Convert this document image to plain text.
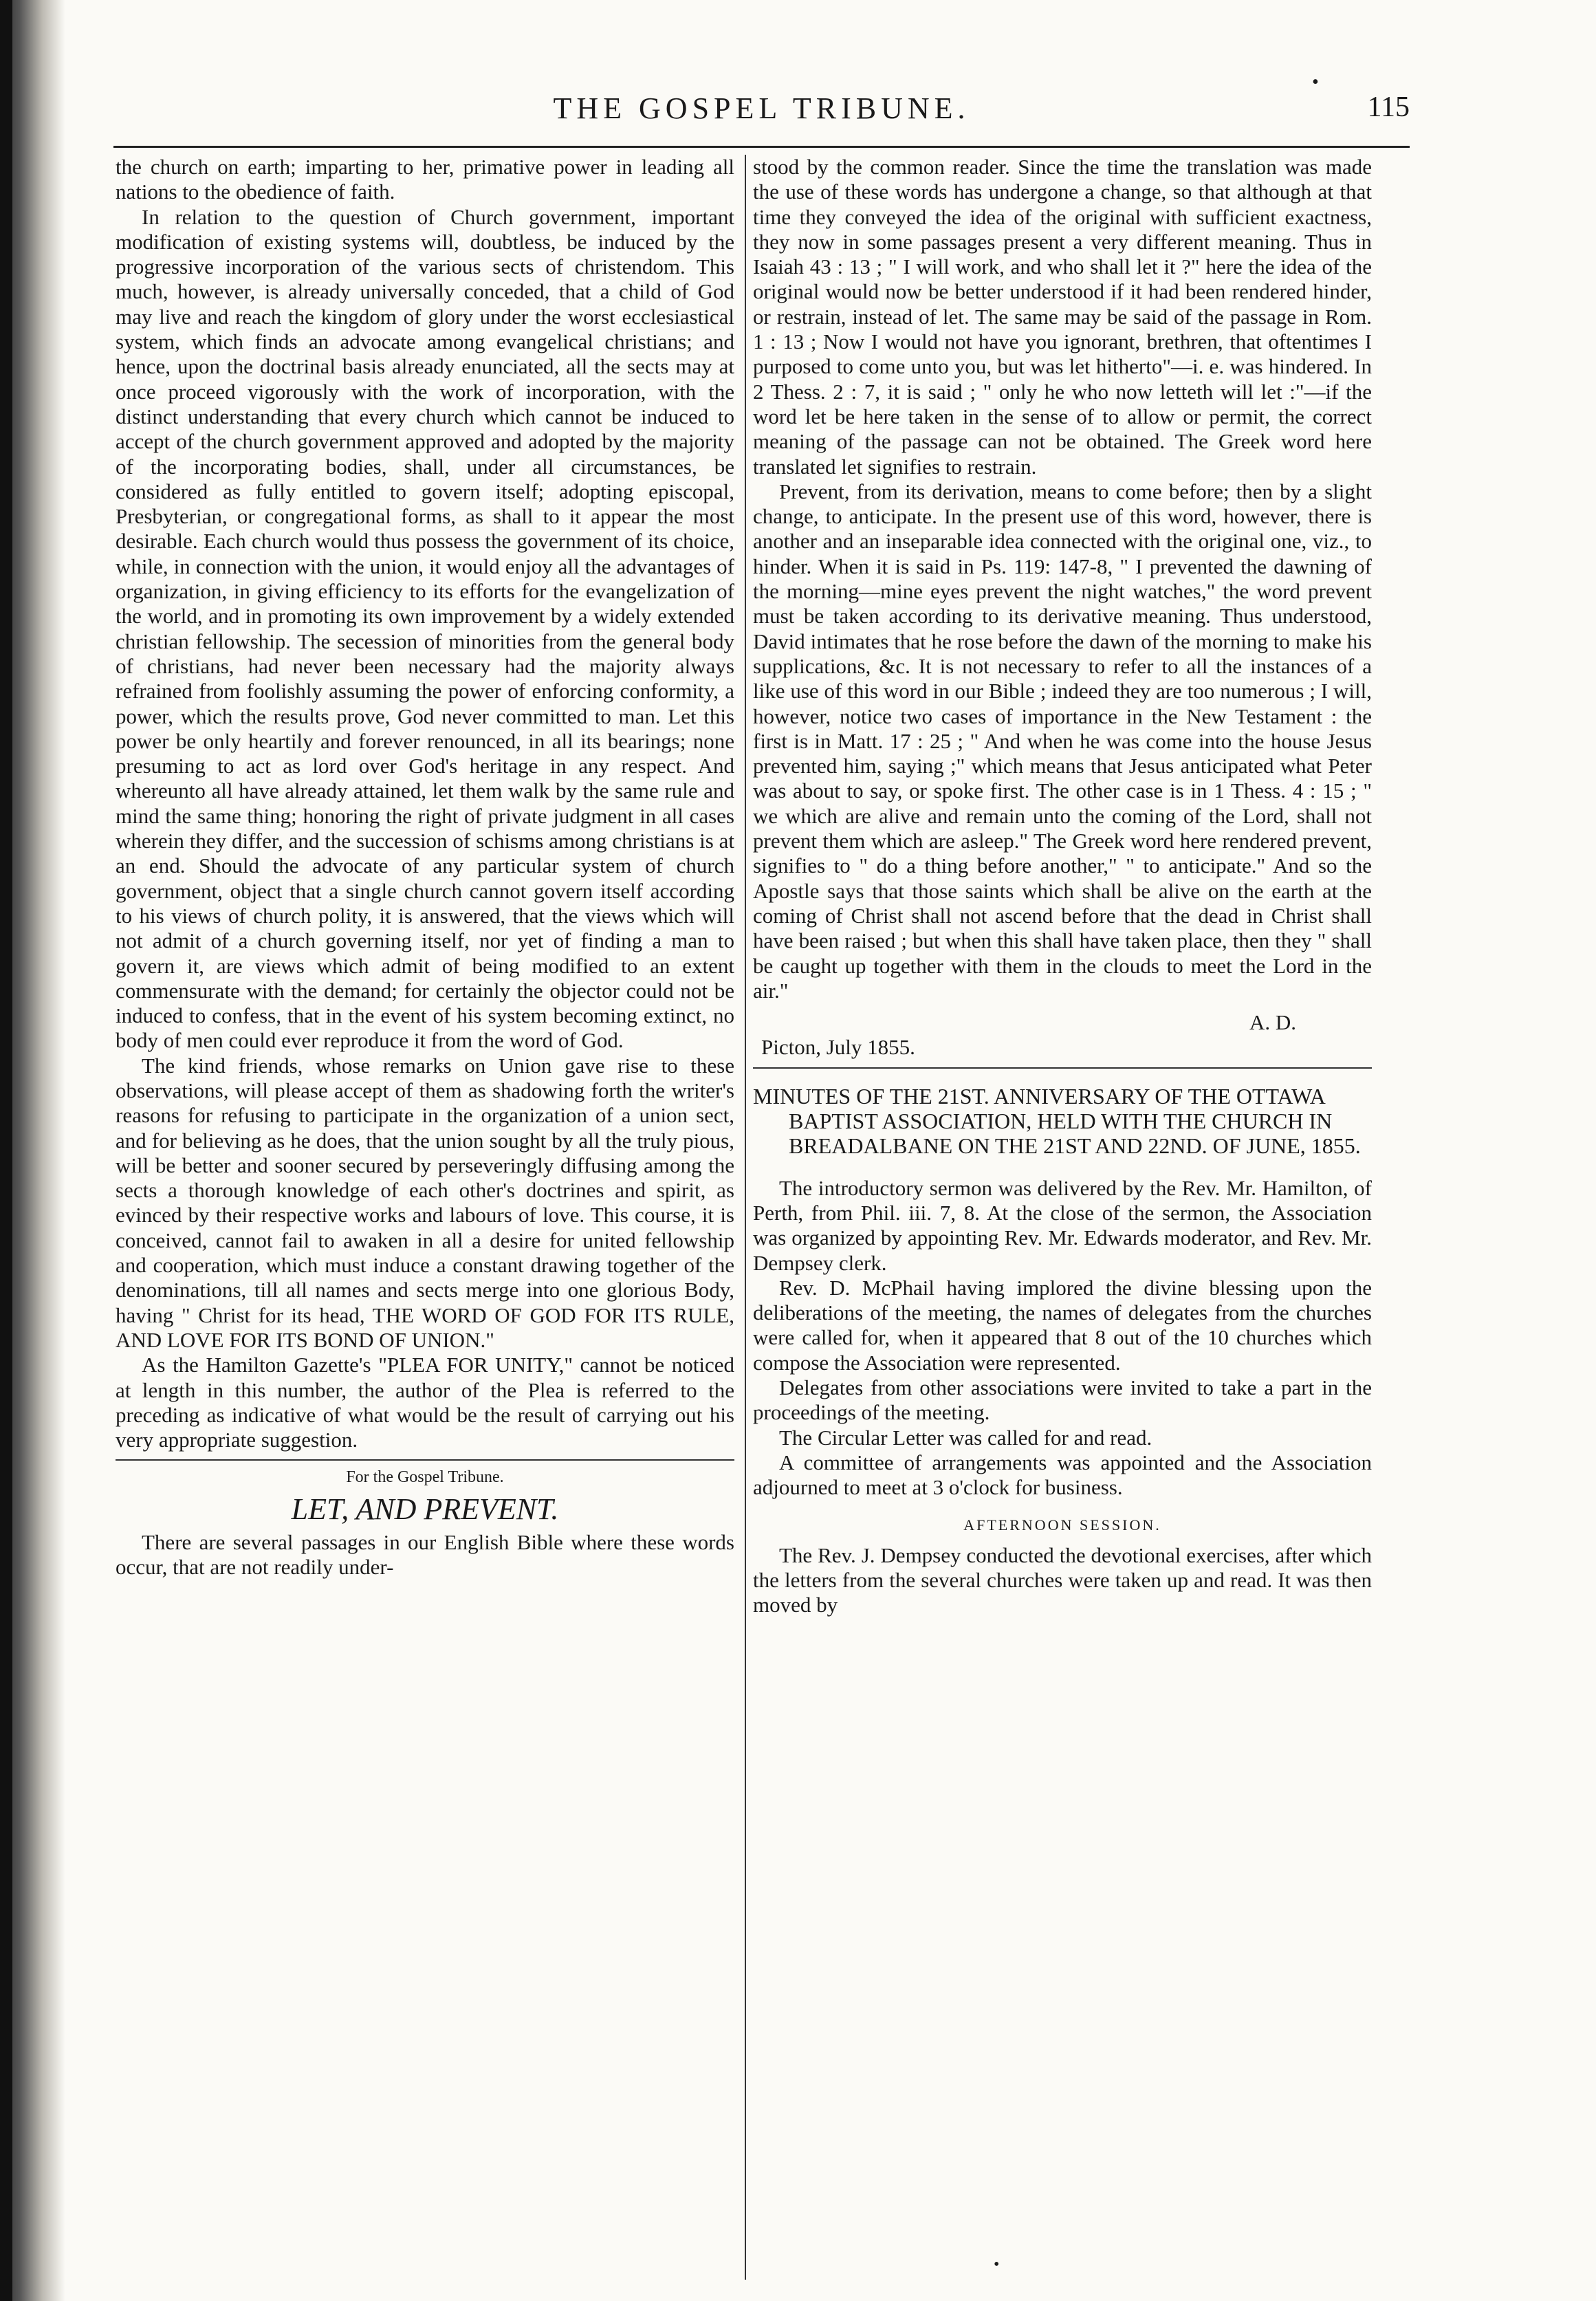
•
THE GOSPEL TRIBUNE.	115

the church on earth; imparting to her, primative power in leading all nations to the obedience of faith.

In relation to the question of Church government, important modification of existing systems will, doubtless, be induced by the progressive incorporation of the various sects of christendom. This much, however, is already universally conceded, that a child of God may live and reach the kingdom of glory under the worst ecclesiastical system, which finds an advocate among evangelical christians; and hence, upon the doctrinal basis already enunciated, all the sects may at once proceed vigorously with the work of incorporation, with the distinct understanding that every church which cannot be induced to accept of the church government approved and adopted by the majority of the incorporating bodies, shall, under all circumstances, be considered as fully entitled to govern itself; adopting episcopal, Presbyterian, or congregational forms, as shall to it appear the most desirable. Each church would thus possess the government of its choice, while, in connection with the union, it would enjoy all the advantages of organization, in giving efficiency to its efforts for the evangelization of the world, and in promoting its own improvement by a widely extended christian fellowship. The secession of minorities from the general body of christians, had never been necessary had the majority always refrained from foolishly assuming the power of enforcing conformity, a power, which the results prove, God never committed to man. Let this power be only heartily and forever renounced, in all its bearings; none presuming to act as lord over God's heritage in any respect. And whereunto all have already attained, let them walk by the same rule and mind the same thing; honoring the right of private judgment in all cases wherein they differ, and the succession of schisms among christians is at an end. Should the advocate of any particular system of church government, object that a single church cannot govern itself according to his views of church polity, it is answered, that the views which will not admit of a church governing itself, nor yet of finding a man to govern it, are views which admit of being modified to an extent commensurate with the demand; for certainly the objector could not be induced to confess, that in the event of his system becoming extinct, no body of men could ever reproduce it from the word of God.

The kind friends, whose remarks on Union gave rise to these observations, will please accept of them as shadowing forth the writer's reasons for refusing to participate in the organization of a union sect, and for believing as he does, that the union sought by all the truly pious, will be better and sooner secured by perseveringly diffusing among the sects a thorough knowledge of each other's doctrines and spirit, as evinced by their respective works and labours of love. This course, it is conceived, cannot fail to awaken in all a desire for united fellowship and cooperation, which must induce a constant drawing together of the denominations, till all names and sects merge into one glorious Body, having " Christ for its head, THE WORD OF GOD FOR ITS RULE, AND LOVE FOR ITS BOND OF UNION."

As the Hamilton Gazette's "PLEA FOR UNITY," cannot be noticed at length in this number, the author of the Plea is referred to the preceding as indicative of what would be the result of carrying out his very appropriate suggestion.

For the Gospel Tribune.

LET, AND PREVENT.

There are several passages in our English Bible where these words occur, that are not readily under-

stood by the common reader. Since the time the translation was made the use of these words has undergone a change, so that although at that time they conveyed the idea of the original with sufficient exactness, they now in some passages present a very different meaning. Thus in Isaiah 43 : 13 ; " I will work, and who shall let it ?" here the idea of the original would now be better understood if it had been rendered hinder, or restrain, instead of let. The same may be said of the passage in Rom. 1 : 13 ; Now I would not have you ignorant, brethren, that oftentimes I purposed to come unto you, but was let hitherto"—i. e. was hindered. In 2 Thess. 2 : 7, it is said ; " only he who now letteth will let :"—if the word let be here taken in the sense of to allow or permit, the correct meaning of the passage can not be obtained. The Greek word here translated let signifies to restrain.

Prevent, from its derivation, means to come before; then by a slight change, to anticipate. In the present use of this word, however, there is another and an inseparable idea connected with the original one, viz., to hinder. When it is said in Ps. 119: 147-8, " I prevented the dawning of the morning—mine eyes prevent the night watches," the word prevent must be taken according to its derivative meaning. Thus understood, David intimates that he rose before the dawn of the morning to make his supplications, &c. It is not necessary to refer to all the instances of a like use of this word in our Bible ; indeed they are too numerous ; I will, however, notice two cases of importance in the New Testament : the first is in Matt. 17 : 25 ; " And when he was come into the house Jesus prevented him, saying ;" which means that Jesus anticipated what Peter was about to say, or spoke first. The other case is in 1 Thess. 4 : 15 ; " we which are alive and remain unto the coming of the Lord, shall not prevent them which are asleep." The Greek word here rendered prevent, signifies to " do a thing before another," " to anticipate." And so the Apostle says that those saints which shall be alive on the earth at the coming of Christ shall not ascend before that the dead in Christ shall have been raised ; but when this shall have taken place, then they " shall be caught up together with them in the clouds to meet the Lord in the air."

A. D.

Picton, July 1855.

MINUTES OF THE 21ST. ANNIVERSARY OF THE OTTAWA BAPTIST ASSOCIATION, HELD WITH THE CHURCH IN BREADALBANE ON THE 21ST AND 22ND. OF JUNE, 1855.

The introductory sermon was delivered by the Rev. Mr. Hamilton, of Perth, from Phil. iii. 7, 8. At the close of the sermon, the Association was organized by appointing Rev. Mr. Edwards moderator, and Rev. Mr. Dempsey clerk.

Rev. D. McPhail having implored the divine blessing upon the deliberations of the meeting, the names of delegates from the churches were called for, when it appeared that 8 out of the 10 churches which compose the Association were represented.

Delegates from other associations were invited to take a part in the proceedings of the meeting.

The Circular Letter was called for and read.

A committee of arrangements was appointed and the Association adjourned to meet at 3 o'clock for business.

AFTERNOON SESSION.

The Rev. J. Dempsey conducted the devotional exercises, after which the letters from the several churches were taken up and read. It was then moved by

•
